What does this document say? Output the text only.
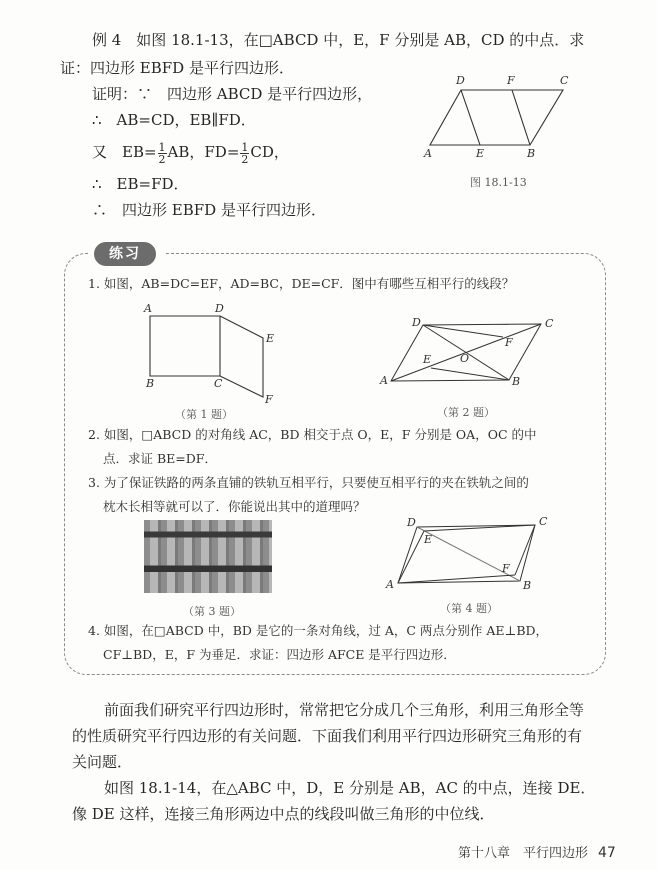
例 4　如图 18.1-13，在□ABCD 中，E，F 分别是 AB，CD 的中点．求
证：四边形 EBFD 是平行四边形．
证明：∵　四边形 ABCD 是平行四边形，
∴　AB=CD，EB∥FD．
又　$EB= \frac{1}{2}$ AB，$FD= \frac{1}{2}$ CD，
∴　EB=FD．
∴　四边形 EBFD 是平行四边形．
D	F	C
A	E	B
图 18.1-13
练习
1. 如图，AB=DC=EF，AD=BC，DE=CF．图中有哪些互相平行的线段？
A	D
E
B	C
F
（第 1 题）
D	C
F
O
E
A	B
（第 2 题）
2. 如图，□ABCD 的对角线 AC，BD 相交于点 O，E，F 分别是 OA，OC 的中
点．求证 BE=DF．
3. 为了保证铁路的两条直铺的铁轨互相平行，只要使互相平行的夹在铁轨之间的
枕木长相等就可以了．你能说出其中的道理吗？
（第 3 题）
D	C
E
F
A	B
（第 4 题）
4. 如图，在□ABCD 中，BD 是它的一条对角线，过 A，C 两点分别作 AE⊥BD，
CF⊥BD，E，F 为垂足．求证：四边形 AFCE 是平行四边形．
前面我们研究平行四边形时，常常把它分成几个三角形，利用三角形全等
的性质研究平行四边形的有关问题．下面我们利用平行四边形研究三角形的有
关问题．
如图 18.1-14，在△ABC 中，D，E 分别是 AB，AC 的中点，连接 DE．
像 DE 这样，连接三角形两边中点的线段叫做三角形的中位线．
第十八章　平行四边形 47
